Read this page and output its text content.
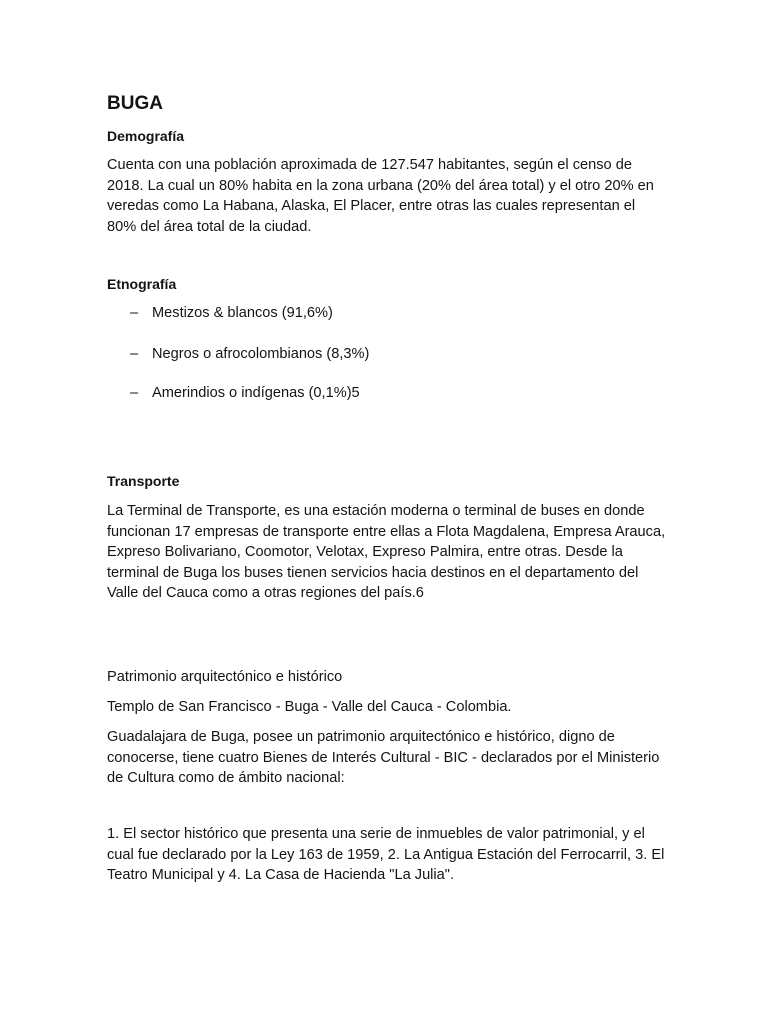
BUGA
Demografía

Cuenta con una población aproximada de 127.547 habitantes, según el censo de 2018. La cual un 80% habita en la zona urbana (20% del área total) y el otro 20% en veredas como La Habana, Alaska, El Placer, entre otras las cuales representan el 80% del área total de la ciudad.

Etnografía
– Mestizos & blancos (91,6%)
– Negros o afrocolombianos (8,3%)
– Amerindios o indígenas (0,1%)5
Transporte

La Terminal de Transporte, es una estación moderna o terminal de buses en donde funcionan 17 empresas de transporte entre ellas a Flota Magdalena, Empresa Arauca, Expreso Bolivariano, Coomotor, Velotax, Expreso Palmira, entre otras. Desde la terminal de Buga los buses tienen servicios hacia destinos en el departamento del Valle del Cauca como a otras regiones del país.6

Patrimonio arquitectónico e histórico

Templo de San Francisco - Buga - Valle del Cauca - Colombia.

Guadalajara de Buga, posee un patrimonio arquitectónico e histórico, digno de conocerse, tiene cuatro Bienes de Interés Cultural - BIC - declarados por el Ministerio de Cultura como de ámbito nacional:

1. El sector histórico que presenta una serie de inmuebles de valor patrimonial, y el cual fue declarado por la Ley 163 de 1959, 2. La Antigua Estación del Ferrocarril, 3. El Teatro Municipal y 4. La Casa de Hacienda "La Julia".
